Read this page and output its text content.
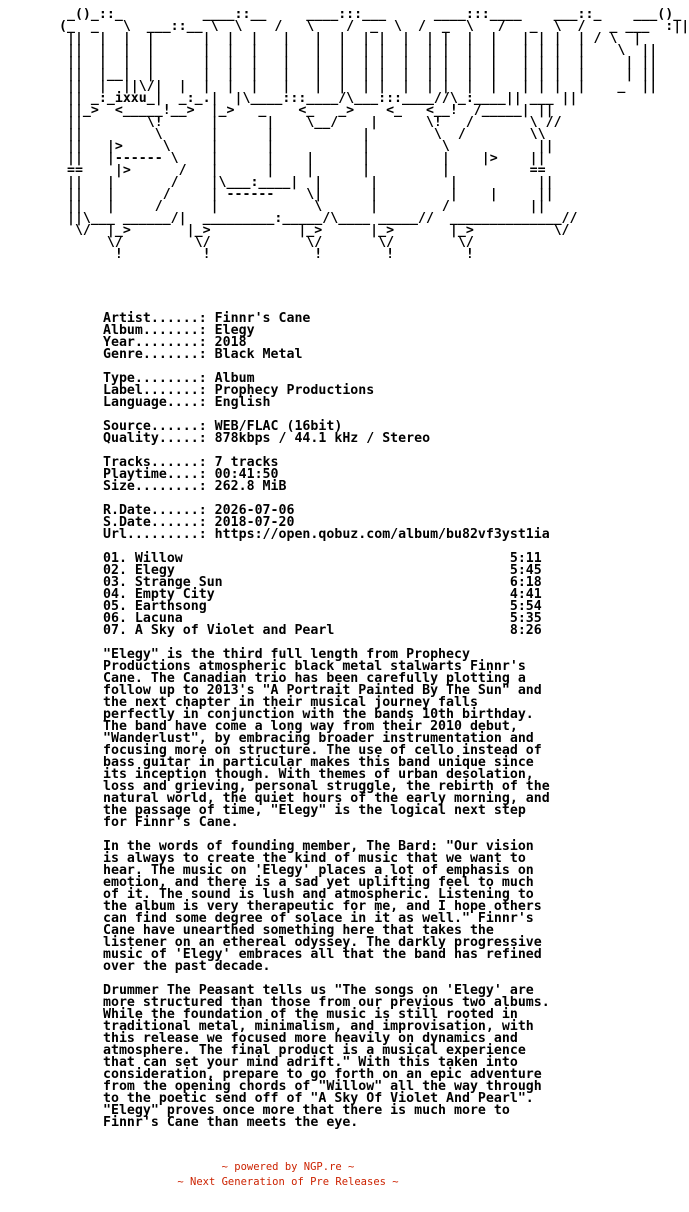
_()_::_          ____::__     ____:::___      ____:::____    ___::_    ___()_
(_  _   \  ___::__ \  \    /   \    /  _  \  /  _  \   /   _  \  /   _ ___  :||
||  |  |  |      |  |  |   |   |  |  | |  |  | |  |  |   | | |  | / \  |
||  |  |  |      |  |  |   |   |  |  | |  |  | |  |  |   | | |  |    \  ||
||  |  |  |      |  |  |   |   |  |  | |  |  | |  |  |   | | |  |     | ||
||  |__|  |      |  |  |   |   |  |  | |  |  | |  |  |   | | |  |     | ||
||  |  ||\/|  |  |  |  |   |   |  |  | |  |  | |  |  |   | | |  |    _  ||
|| _:_ixxu_|  _:_.|  |\____:::____/\___:::____//\_:____|| ___ ||
||_>  <_____!__>  |_>   _    <_   _>    <_   <__!  /_____| ||
||        \!      |      |    \__/    |      \!   /       \ //
||         \      |      |           |        \  /        \\
||   |>     \     |      |           |         \           ||
||   |------ \    |      |    |      |         |    |>    ||
==    |>      /   |      |    |      |         |          ==
||   |       /    |\___:____|  |      |         |          ||
||   |      /     | ------    \|      |         |    |     ||
||   |     /      |            \      |        /          ||
||\___ ______/|  _________:_____/\____ _____//  ______________//
\/  |_>       |_>           |_>      |_>       |_>          \/
\/         \/            \/       \/        \/
!          !             !        !         !
Artist......: Finnr's Cane
Album.......: Elegy
Year........: 2018
Genre.......: Black Metal

Type........: Album
Label.......: Prophecy Productions
Language....: English

Source......: WEB/FLAC (16bit)
Quality.....: 878kbps / 44.1 kHz / Stereo

Tracks......: 7 tracks
Playtime....: 00:41:50
Size........: 262.8 MiB

R.Date......: 2026-07-06
S.Date......: 2018-07-20
Url.........: https://open.qobuz.com/album/bu82vf3yst1ia
01. Willow                                         5:11
02. Elegy                                          5:45
03. Strange Sun                                    6:18
04. Empty City                                     4:41
05. Earthsong                                      5:54
06. Lacuna                                         5:35
07. A Sky of Violet and Pearl                      8:26
"Elegy" is the third full length from Prophecy
Productions atmospheric black metal stalwarts Finnr's
Cane. The Canadian trio has been carefully plotting a
follow up to 2013's "A Portrait Painted By The Sun" and
the next chapter in their musical journey falls
perfectly in conjunction with the bands 10th birthday.
The band have come a long way from their 2010 debut,
"Wanderlust", by embracing broader instrumentation and
focusing more on structure. The use of cello instead of
bass guitar in particular makes this band unique since
its inception though. With themes of urban desolation,
loss and grieving, personal struggle, the rebirth of the
natural world, the quiet hours of the early morning, and
the passage of time, "Elegy" is the logical next step
for Finnr's Cane.
In the words of founding member, The Bard: "Our vision
is always to create the kind of music that we want to
hear. The music on 'Elegy' places a lot of emphasis on
emotion, and there is a sad yet uplifting feel to much
of it. The sound is lush and atmospheric. Listening to
the album is very therapeutic for me, and I hope others
can find some degree of solace in it as well." Finnr's
Cane have unearthed something here that takes the
listener on an ethereal odyssey. The darkly progressive
music of 'Elegy' embraces all that the band has refined
over the past decade.
Drummer The Peasant tells us "The songs on 'Elegy' are
more structured than those from our previous two albums.
While the foundation of the music is still rooted in
traditional metal, minimalism, and improvisation, with
this release we focused more heavily on dynamics and
atmosphere. The final product is a musical experience
that can set your mind adrift." With this taken into
consideration, prepare to go forth on an epic adventure
from the opening chords of "Willow" all the way through
to the poetic send off of "A Sky Of Violet And Pearl".
"Elegy" proves once more that there is much more to
Finnr's Cane than meets the eye.
~ powered by NGP.re ~
~ Next Generation of Pre Releases ~
